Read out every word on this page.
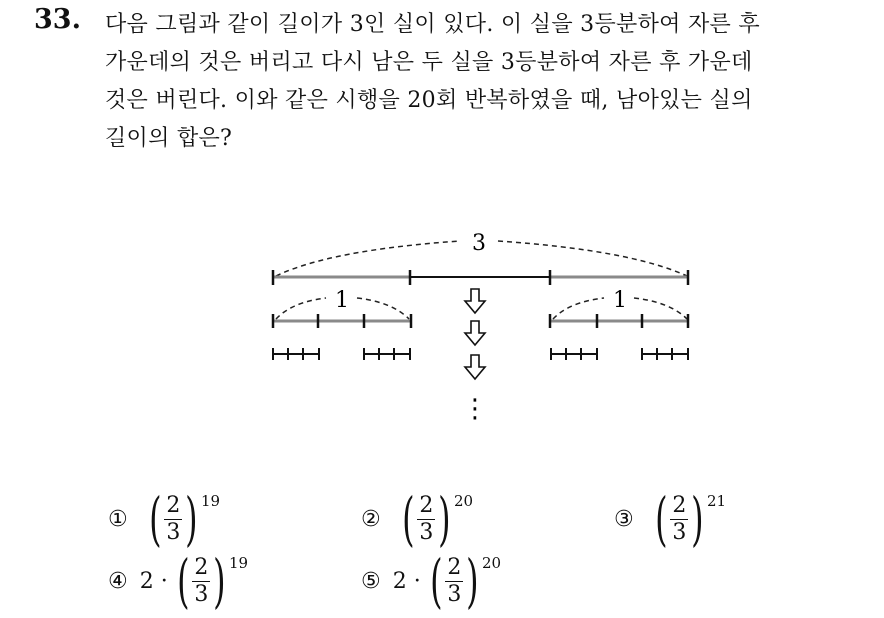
33. 다음 그림과 같이 길이가 3인 실이 있다. 이 실을 3등분하여 자른 후
가운데의 것은 버리고 다시 남은 두 실을 3등분하여 자른 후 가운데
것은 버린다. 이와 같은 시행을 20회 반복하였을 때, 남아있는 실의
길이의 합은?
3
1	1
⋮
① ( $\frac{2}{3}$ ) 19
② ( $\frac{2}{3}$ ) 20
③ ( $\frac{2}{3}$ ) 21
④ 2 · ( $\frac{2}{3}$ ) 19
⑤ 2 · ( $\frac{2}{3}$ ) 20
